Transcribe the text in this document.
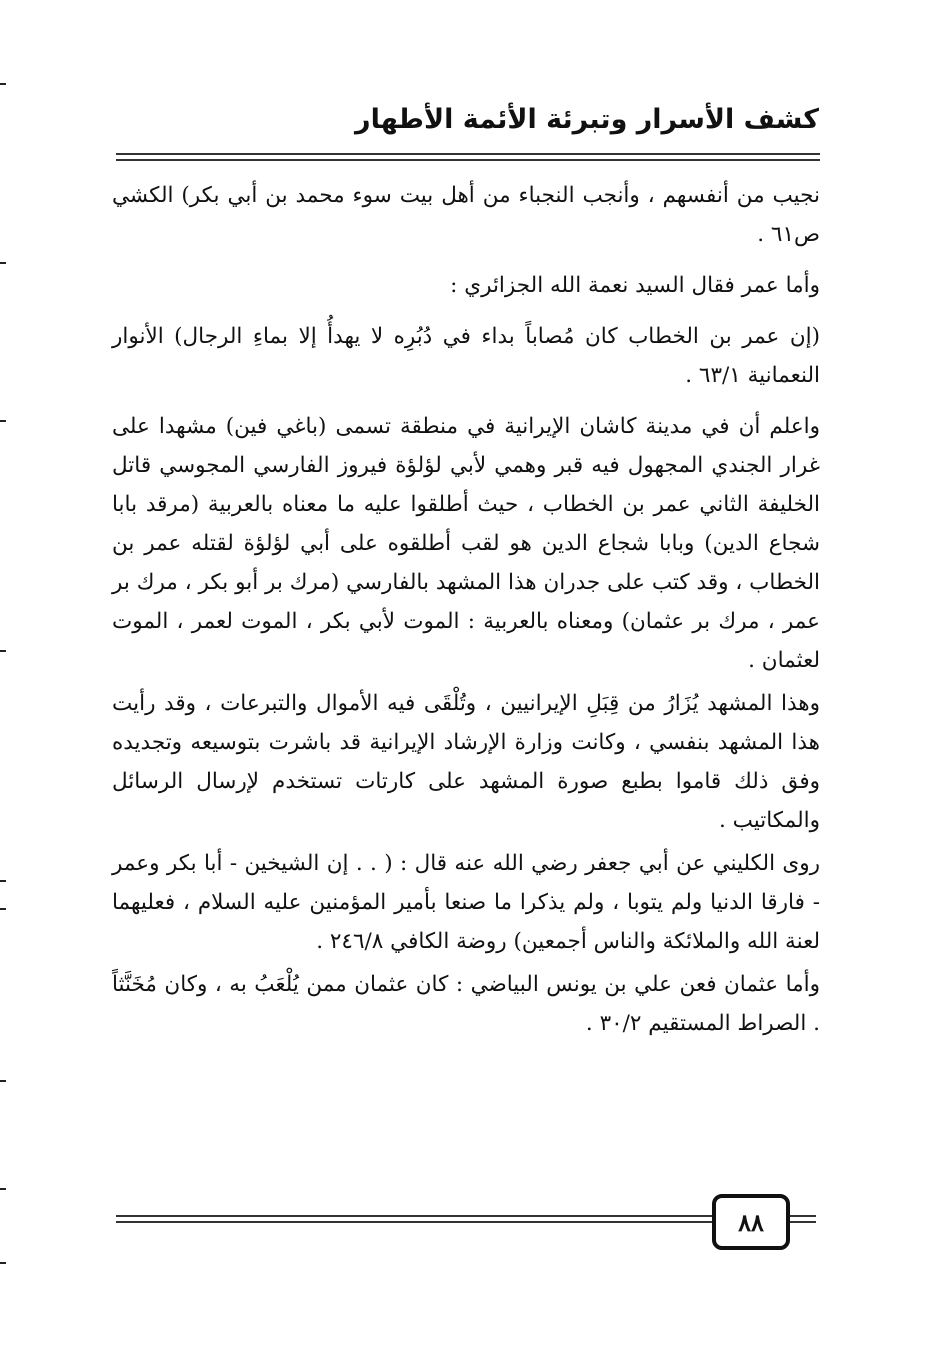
كشف الأسرار وتبرئة الأئمة الأطهار

نجيب من أنفسهم ، وأنجب النجباء من أهل بيت سوء محمد بن أبي بكر) الكشي ص٦١ .

وأما عمر فقال السيد نعمة الله الجزائري :

(إن عمر بن الخطاب كان مُصاباً بداء في دُبُرِه لا يهدأُ إلا بماءِ الرجال) الأنوار النعمانية ٦٣/١ .

واعلم أن في مدينة كاشان الإيرانية في منطقة تسمى (باغي فين) مشهدا على غرار الجندي المجهول فيه قبر وهمي لأبي لؤلؤة فيروز الفارسي المجوسي قاتل الخليفة الثاني عمر بن الخطاب ، حيث أطلقوا عليه ما معناه بالعربية (مرقد بابا شجاع الدين) وبابا شجاع الدين هو لقب أطلقوه على أبي لؤلؤة لقتله عمر بن الخطاب ، وقد كتب على جدران هذا المشهد بالفارسي (مرك بر أبو بكر ، مرك بر عمر ، مرك بر عثمان) ومعناه بالعربية : الموت لأبي بكر ، الموت لعمر ، الموت لعثمان .

وهذا المشهد يُزَارُ من قِبَلِ الإيرانيين ، وتُلْقَى فيه الأموال والتبرعات ، وقد رأيت هذا المشهد بنفسي ، وكانت وزارة الإرشاد الإيرانية قد باشرت بتوسيعه وتجديده وفق ذلك قاموا بطبع صورة المشهد على كارتات تستخدم لإرسال الرسائل والمكاتيب .

روى الكليني عن أبي جعفر رضي الله عنه قال : ( . . إن الشيخين - أبا بكر وعمر - فارقا الدنيا ولم يتوبا ، ولم يذكرا ما صنعا بأمير المؤمنين عليه السلام ، فعليهما لعنة الله والملائكة والناس أجمعين) روضة الكافي ٢٤٦/٨ .

وأما عثمان فعن علي بن يونس البياضي : كان عثمان ممن يُلْعَبُ به ، وكان مُخَنَّثاً . الصراط المستقيم ٣٠/٢ .

٨٨
